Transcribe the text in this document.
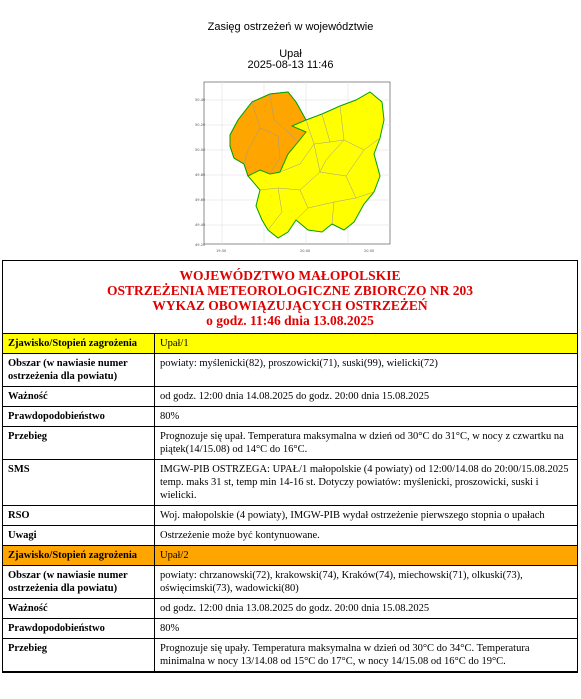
Zasięg ostrzeżeń w województwie
Upał
2025-08-13 11:46
50.40
50.20
50.00
49.80
49.60
49.40
49.20
19.50	20.00	20.50
WOJEWÓDZTWO MAŁOPOLSKIE
OSTRZEŻENIA METEOROLOGICZNE ZBIORCZO NR 203
WYKAZ OBOWIĄZUJĄCYCH OSTRZEŻEŃ
o godz. 11:46 dnia 13.08.2025
Zjawisko/Stopień zagrożenia	Upał/1
Obszar (w nawiasie numer ostrzeżenia dla powiatu)	powiaty: myślenicki(82), proszowicki(71), suski(99), wielicki(72)
Ważność	od godz. 12:00 dnia 14.08.2025 do godz. 20:00 dnia 15.08.2025
Prawdopodobieństwo	80%
Przebieg	Prognozuje się upał. Temperatura maksymalna w dzień od 30°C do 31°C, w nocy z czwartku na piątek(14/15.08) od 14°C do 16°C.
SMS	IMGW-PIB OSTRZEGA: UPAŁ/1 małopolskie (4 powiaty) od 12:00/14.08 do 20:00/15.08.2025 temp. maks 31 st, temp min 14-16 st. Dotyczy powiatów: myślenicki, proszowicki, suski i wielicki.
RSO	Woj. małopolskie (4 powiaty), IMGW-PIB wydał ostrzeżenie pierwszego stopnia o upałach
Uwagi	Ostrzeżenie może być kontynuowane.
Zjawisko/Stopień zagrożenia	Upał/2
Obszar (w nawiasie numer ostrzeżenia dla powiatu)	powiaty: chrzanowski(72), krakowski(74), Kraków(74), miechowski(71), olkuski(73), oświęcimski(73), wadowicki(80)
Ważność	od godz. 12:00 dnia 13.08.2025 do godz. 20:00 dnia 15.08.2025
Prawdopodobieństwo	80%
Przebieg	Prognozuje się upały. Temperatura maksymalna w dzień od 30°C do 34°C. Temperatura minimalna w nocy 13/14.08 od 15°C do 17°C, w nocy 14/15.08 od 16°C do 19°C.
